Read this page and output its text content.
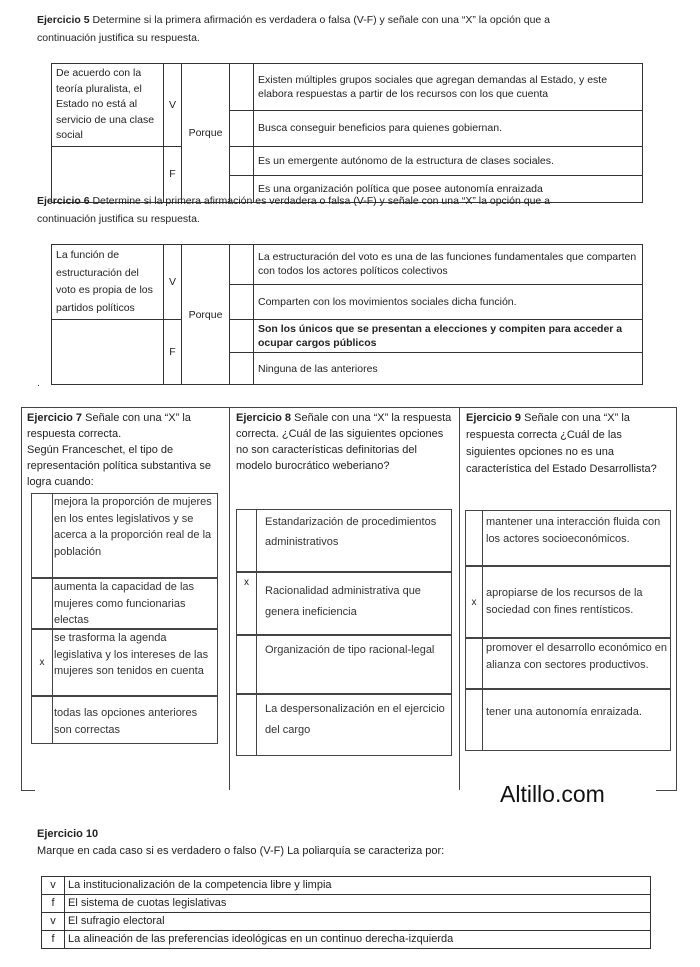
Ejercicio 5 Determine si la primera afirmación es verdadera o falsa (V-F) y señale con una “X” la opción que a
continuación justifica su respuesta.
De acuerdo con la teoría pluralista, el Estado no está al servicio de una clase social	V	Porque		Existen múltiples grupos sociales que agregan demandas al Estado, y este elabora respuestas a partir de los recursos con los que cuenta
				Busca conseguir beneficios para quienes gobiernan.
	F			Es un emergente autónomo de la estructura de clases sociales.
				Es una organización política que posee autonomía enraizada
Ejercicio 6 Determine si la primera afirmación es verdadera o falsa (V-F) y señale con una “X” la opción que a
continuación justifica su respuesta.
La función de estructuración del voto es propia de los partidos políticos	V	Porque		La estructuración del voto es una de las funciones fundamentales que comparten con todos los actores políticos colectivos
				Comparten con los movimientos sociales dicha función.
	F			Son los únicos que se presentan a elecciones y compiten para acceder a ocupar cargos públicos
				Ninguna de las anteriores
.
Ejercicio 7 Señale con una “X” la respuesta correcta.
Según Franceschet, el tipo de representación política substantiva se logra cuando:
mejora la proporción de mujeres en los entes legislativos y se acerca a la proporción real de la población
aumenta la capacidad de las mujeres como funcionarias electas
x
se trasforma la agenda legislativa y los intereses de las mujeres son tenidos en cuenta
todas las opciones anteriores son correctas
Ejercicio 8 Señale con una “X” la respuesta correcta. ¿Cuál de las siguientes opciones no son características definitorias del modelo burocrático weberiano?
Estandarización de procedimientos administrativos
x
Racionalidad administrativa que genera ineficiencia
Organización de tipo racional-legal
La despersonalización en el ejercicio del cargo
Ejercicio 9 Señale con una “X” la respuesta correcta ¿Cuál de las siguientes opciones no es una característica del Estado Desarrollista?
mantener una interacción fluida con los actores socioeconómicos.
x
apropiarse de los recursos de la sociedad con fines rentísticos.
promover el desarrollo económico en alianza con sectores productivos.
tener una autonomía enraizada.
Altillo.com
Ejercicio 10
Marque en cada caso si es verdadero o falso (V-F) La poliarquía se caracteriza por:
v	La institucionalización de la competencia libre y limpia
f	El sistema de cuotas legislativas
v	El sufragio electoral
f	La alineación de las preferencias ideológicas en un continuo derecha-izquierda
